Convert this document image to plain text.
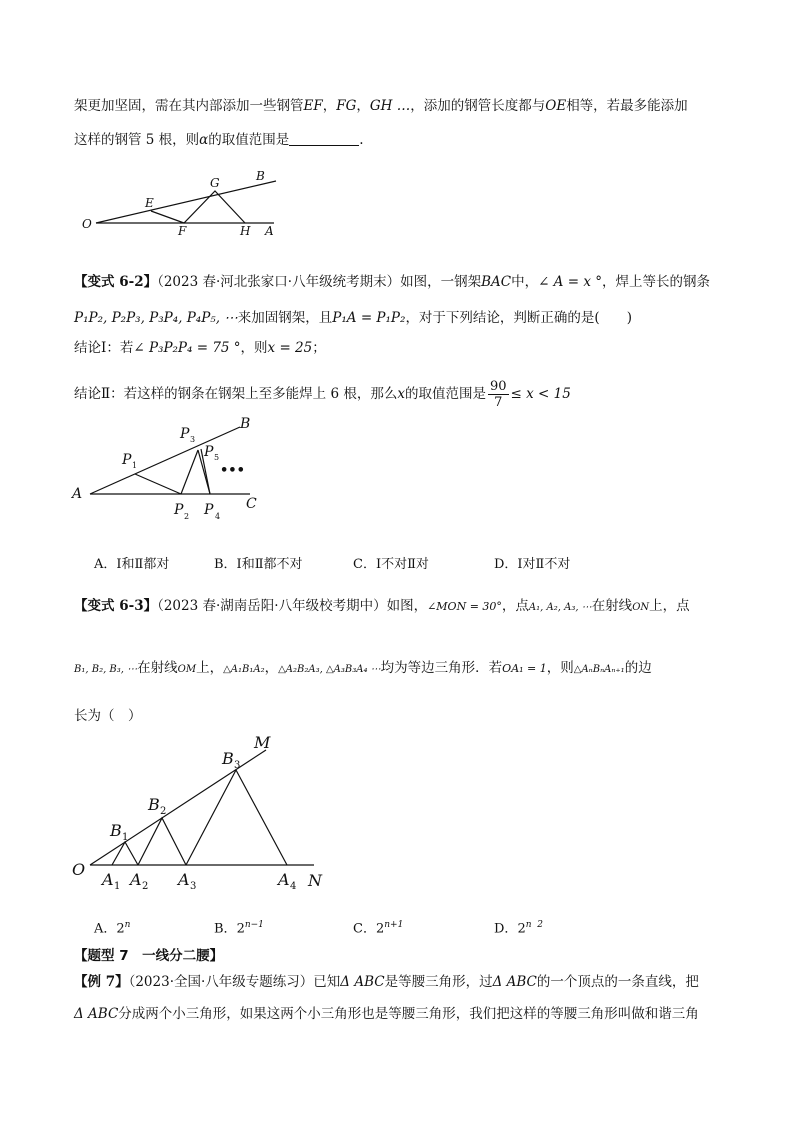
架更加坚固，需在其内部添加一些钢管EF，FG，GH …，添加的钢管长度都与OE相等，若最多能添加
这样的钢管 5 根，则α的取值范围是	.
O
E
G	B
F	H A
【变式 6-2】（2023 春·河北张家口·八年级统考期末）如图，一钢架BAC中，∠ A = x °，焊上等长的钢条
P₁P₂, P₂P₃, P₃P₄, P₄P₅, ⋯来加固钢架，且P₁A = P₁P₂，对于下列结论，判断正确的是(　　)
结论Ⅰ：若∠ P₃P₂P₄ = 75 °，则x = 25；
结论Ⅱ：若这样的钢条在钢架上至多能焊上 6 根，那么x的取值范围是 $\frac{90}{7} \le x < 15$
A
B
C
P
P
P
P
P
1
2
3
4
5
•••
A．Ⅰ和Ⅱ都对	B．Ⅰ和Ⅱ都不对	C．Ⅰ不对Ⅱ对	D．Ⅰ对Ⅱ不对
【变式 6-3】（2023 春·湖南岳阳·八年级校考期中）如图，∠MON = 30°，点A₁, A₂, A₃, ⋯在射线ON上，点
B₁, B₂, B₃, ⋯在射线OM上，△A₁B₁A₂，△A₂B₂A₃, △A₃B₃A₄ ⋯均为等边三角形．若OA₁ = 1，则△AₙBₙAₙ₊₁的边
长为（　）
O
M
N
B
B
B
A A A	A
1
2
3
1 2	3	4
A．2$^n$	B．$2^{n-1}$	C．$2^{n+1}$	D．$2^{n 2}$
【题型 7　一线分二腰】
【例 7】（2023·全国·八年级专题练习）已知Δ ABC是等腰三角形，过Δ ABC的一个顶点的一条直线，把
Δ ABC分成两个小三角形，如果这两个小三角形也是等腰三角形，我们把这样的等腰三角形叫做和谐三角
